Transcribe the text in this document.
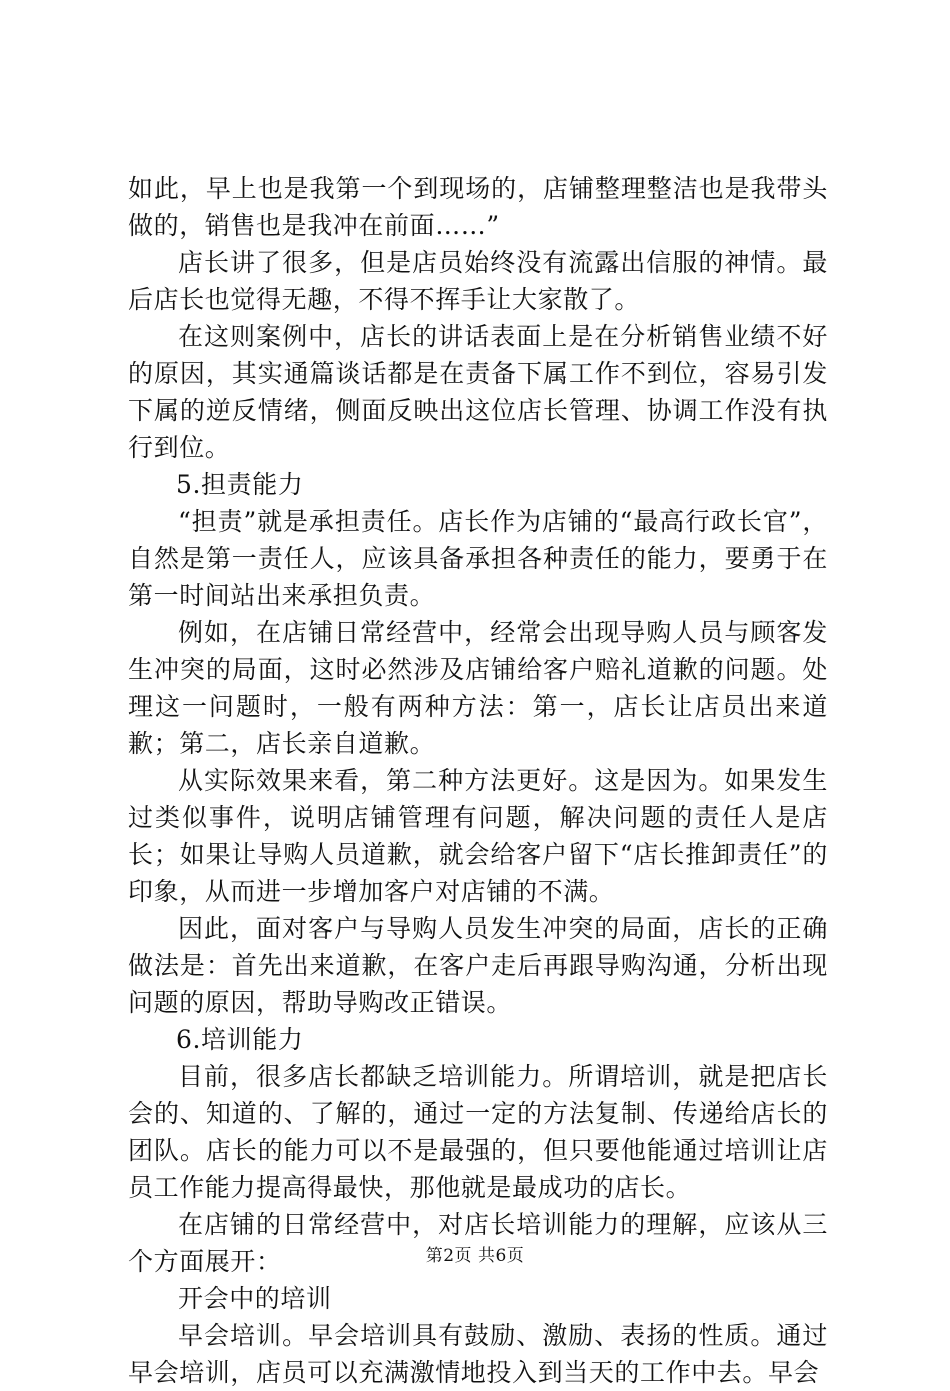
如此，早上也是我第一个到现场的，店铺整理整洁也是我带头做的，销售也是我冲在前面……”

店长讲了很多，但是店员始终没有流露出信服的神情。最后店长也觉得无趣，不得不挥手让大家散了。

在这则案例中，店长的讲话表面上是在分析销售业绩不好的原因，其实通篇谈话都是在责备下属工作不到位，容易引发下属的逆反情绪，侧面反映出这位店长管理、协调工作没有执行到位。

5.担责能力

“担责”就是承担责任。店长作为店铺的“最高行政长官”，自然是第一责任人，应该具备承担各种责任的能力，要勇于在第一时间站出来承担负责。

例如，在店铺日常经营中，经常会出现导购人员与顾客发生冲突的局面，这时必然涉及店铺给客户赔礼道歉的问题。处理这一问题时，一般有两种方法：第一，店长让店员出来道歉；第二，店长亲自道歉。

从实际效果来看，第二种方法更好。这是因为。如果发生过类似事件，说明店铺管理有问题，解决问题的责任人是店长；如果让导购人员道歉，就会给客户留下“店长推卸责任”的印象，从而进一步增加客户对店铺的不满。

因此，面对客户与导购人员发生冲突的局面，店长的正确做法是：首先出来道歉，在客户走后再跟导购沟通，分析出现问题的原因，帮助导购改正错误。

6.培训能力

目前，很多店长都缺乏培训能力。所谓培训，就是把店长会的、知道的、了解的，通过一定的方法复制、传递给店长的团队。店长的能力可以不是最强的，但只要他能通过培训让店员工作能力提高得最快，那他就是最成功的店长。

在店铺的日常经营中，对店长培训能力的理解，应该从三个方面展开：

开会中的培训

早会培训。早会培训具有鼓励、激励、表扬的性质。通过早会培训，店员可以充满激情地投入到当天的工作中去。早会

第2页 共6页
